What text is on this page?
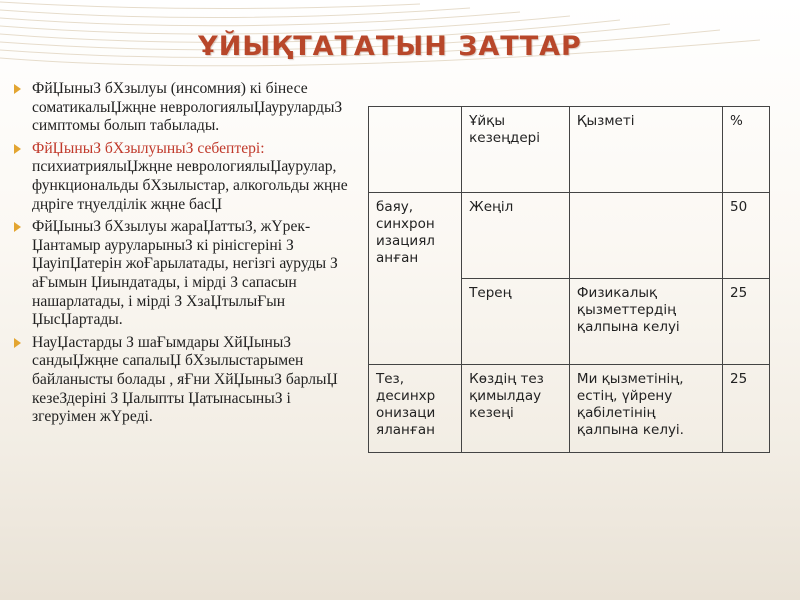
ҰЙЫҚТАТАТЫН ЗАТТАР
ФйЏыныЗ бХзылуы (инсомния) кі бінесе соматикалыЏжңне неврологиялыЏаурулардыЗ симптомы болып табылады.
ФйЏыныЗ бХзылуыныЗ себептері: психиатриялыЏжңне неврологиялыЏаурулар, функциональды бХзылыстар, алкогольды жңне дңріге тңуелділік жңне басЏ
ФйЏыныЗ бХзылуы жараЏаттыЗ, жҮрек-Џантамыр ауруларыныЗ кі рінісгеріні З ЏауіпЏатерін жоҒарылатады, негізгі ауруды З аҒымын Џиындатады, і мірді З сапасын нашарлатады, і мірді З ХзаЏтылыҒын ЏысЏартады.
НауЏастарды З шаҒымдары ХйЏыныЗ сандыЏжңне сапалыЏ бХзылыстарымен байланысты болады , яҒни ХйЏыныЗ барлыЏ кезеЗдеріні З Џалыпты ЏатынасыныЗ і згеруімен жҮреді.
	Ұйқы кезеңдері	Қызметі	%
баяу, синхрон изациял анған	Жеңіл		50
	Терең	Физикалық қызметтердің қалпына келуі	25
Тез, десинхр онизаци яланған	Көздің тез қимылдау кезеңі	Ми қызметінің, естің, үйрену қабілетінің қалпына келуі.	25
